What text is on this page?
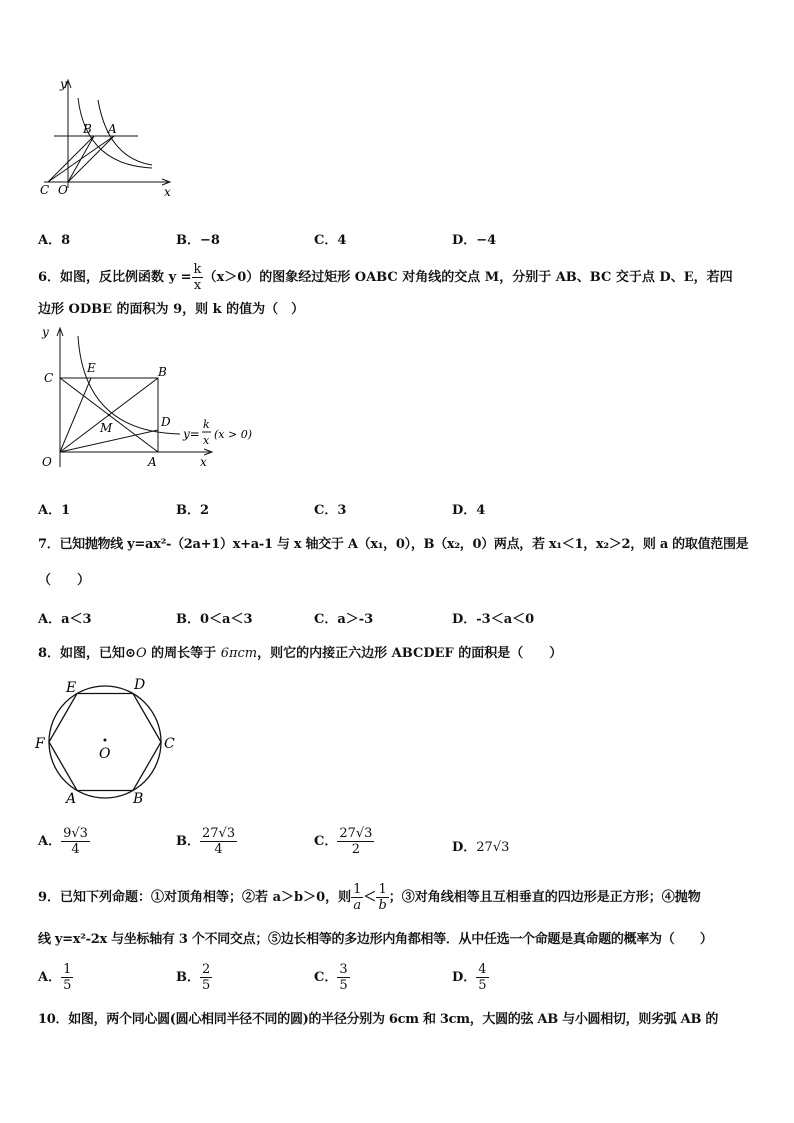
y
x
B A
C O
A．8	B．−8	C．4	D．−4
6．如图，反比例函数 $y = \frac{k}{x} (x>0)$的图象经过矩形 OABC 对角线的交点 M，分别于 AB、BC 交于点 D、E，若四
边形 ODBE 的面积为 9，则 k 的值为（　）
y
x
C
E	B
D
M
O	A
y=
k
x (x > 0)
A．1	B．2	C．3	D．4
7．已知抛物线 y=ax²-（2a+1）x+a-1 与 x 轴交于 A（x₁，0），B（x₂，0）两点，若 x₁＜1，x₂＞2，则 a 的取值范围是
（　　）
A．a＜3	B．0＜a＜3	C．a＞-3	D．-3＜a＜0
8．如图，已知⊙O 的周长等于 6πcm，则它的内接正六边形 ABCDEF 的面积是（　　）
E	D
F	C
O
A	B
A． $\frac{9√3}{4}$	B． $\frac{27√3}{4}$	C． $\frac{27√3}{2}$	D．27√3
9．已知下列命题：①对顶角相等；②若 a＞b＞0，则 $\frac{1}{a} < \frac{1}{b}$ ；③对角线相等且互相垂直的四边形是正方形；④抛物
线 y=x²-2x 与坐标轴有 3 个不同交点；⑤边长相等的多边形内角都相等．从中任选一个命题是真命题的概率为（　　）
A． $\frac{1}{5}$	B． $\frac{2}{5}$	C． $\frac{3}{5}$	D． $\frac{4}{5}$
10．如图，两个同心圆(圆心相同半径不同的圆)的半径分别为 6cm 和 3cm，大圆的弦 AB 与小圆相切，则劣弧 AB 的
